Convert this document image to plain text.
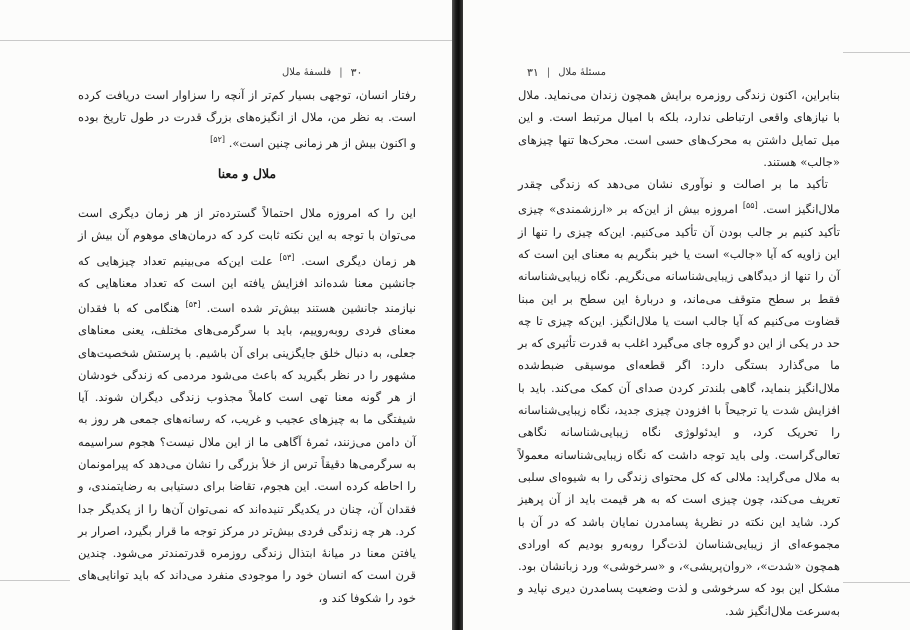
۳۰
|
فلسفهٔ ملال

رفتار انسان، توجهی بسیار کم‌تر از آنچه را سزاوار است دریافت کرده است. به نظر من، ملال از انگیزه‌های بزرگ قدرت در طول تاریخ بوده و اکنون بیش از هر زمانی چنین است». [۵۲]

ملال و معنا

این را که امروزه ملال احتمالاً گسترده‌تر از هر زمان دیگری است می‌توان با توجه به این نکته ثابت کرد که درمان‌های موهوم آن بیش از هر زمان دیگری است. [۵۳] علت این‌که می‌بینیم تعداد چیزهایی که جانشین معنا شده‌اند افزایش یافته این است که تعداد معناهایی که نیازمند جانشین هستند بیش‌تر شده است. [۵۴] هنگامی که با فقدان معنای فردی روبه‌روییم، باید با سرگرمی‌های مختلف، یعنی معناهای جعلی، به دنبال خلق جایگزینی برای آن باشیم. با پرستش شخصیت‌های مشهور را در نظر بگیرید که باعث می‌شود مردمی که زندگی خودشان از هر گونه معنا تهی است کاملاً مجذوب زندگی دیگران شوند. آیا شیفتگی ما به چیزهای عجیب و غریب، که رسانه‌های جمعی هر روز به آن دامن می‌زنند، ثمرهٔ آگاهی ما از این ملال نیست؟ هجوم سراسیمه به سرگرمی‌ها دقیقاً ترس از خلأ بزرگی را نشان می‌دهد که پیرامونمان را احاطه کرده است. این هجوم، تقاضا برای دستیابی به رضایتمندی، و فقدان آن، چنان در یکدیگر تنیده‌اند که نمی‌توان آن‌ها را از یکدیگر جدا کرد. هر چه زندگی فردی بیش‌تر در مرکز توجه ما قرار بگیرد، اصرار بر یافتن معنا در میانهٔ ابتذال زندگی روزمره قدرتمندتر می‌شود. چندین قرن است که انسان خود را موجودی منفرد می‌داند که باید توانایی‌های خود را شکوفا کند و،

مسئلهٔ ملال
|
۳۱

بنابراین، اکنون زندگی روزمره برایش همچون زندان می‌نماید. ملال با نیازهای واقعی ارتباطی ندارد، بلکه با امیال مرتبط است. و این میل تمایل داشتن به محرک‌های حسی است. محرک‌ها تنها چیزهای «جالب» هستند.

تأکید ما بر اصالت و نوآوری نشان می‌دهد که زندگی چقدر ملال‌انگیز است. [۵۵] امروزه بیش از این‌که بر «ارزشمندی» چیزی تأکید کنیم بر جالب بودن آن تأکید می‌کنیم. این‌که چیزی را تنها از این زاویه که آیا «جالب» است یا خیر بنگریم به معنای این است که آن را تنها از دیدگاهی زیبایی‌شناسانه می‌نگریم. نگاه زیبایی‌شناسانه فقط بر سطح متوقف می‌ماند، و دربارهٔ این سطح بر این مبنا قضاوت می‌کنیم که آیا جالب است یا ملال‌انگیز. این‌که چیزی تا چه حد در یکی از این دو گروه جای می‌گیرد اغلب به قدرت تأثیری که بر ما می‌گذارد بستگی دارد: اگر قطعه‌ای موسیقی ضبط‌شده ملال‌انگیز بنماید، گاهی بلندتر کردن صدای آن کمک می‌کند. باید با افزایش شدت یا ترجیحاً با افزودن چیزی جدید، نگاه زیبایی‌شناسانه را تحریک کرد، و ایدئولوژی نگاه زیبایی‌شناسانه نگاهی تعالی‌گراست. ولی باید توجه داشت که نگاه زیبایی‌شناسانه معمولاً به ملال می‌گراید: ملالی که کل محتوای زندگی را به شیوه‌ای سلبی تعریف می‌کند، چون چیزی است که به هر قیمت باید از آن پرهیز کرد. شاید این نکته در نظریهٔ پسامدرن نمایان باشد که در آن با مجموعه‌ای از زیبایی‌شناسان لذت‌گرا روبه‌رو بودیم که اورادی همچون «شدت»، «روان‌پریشی»، و «سرخوشی» ورد زبانشان بود. مشکل این بود که سرخوشی و لذت وضعیت پسامدرن دیری نپاید و به‌سرعت ملال‌انگیز شد.
